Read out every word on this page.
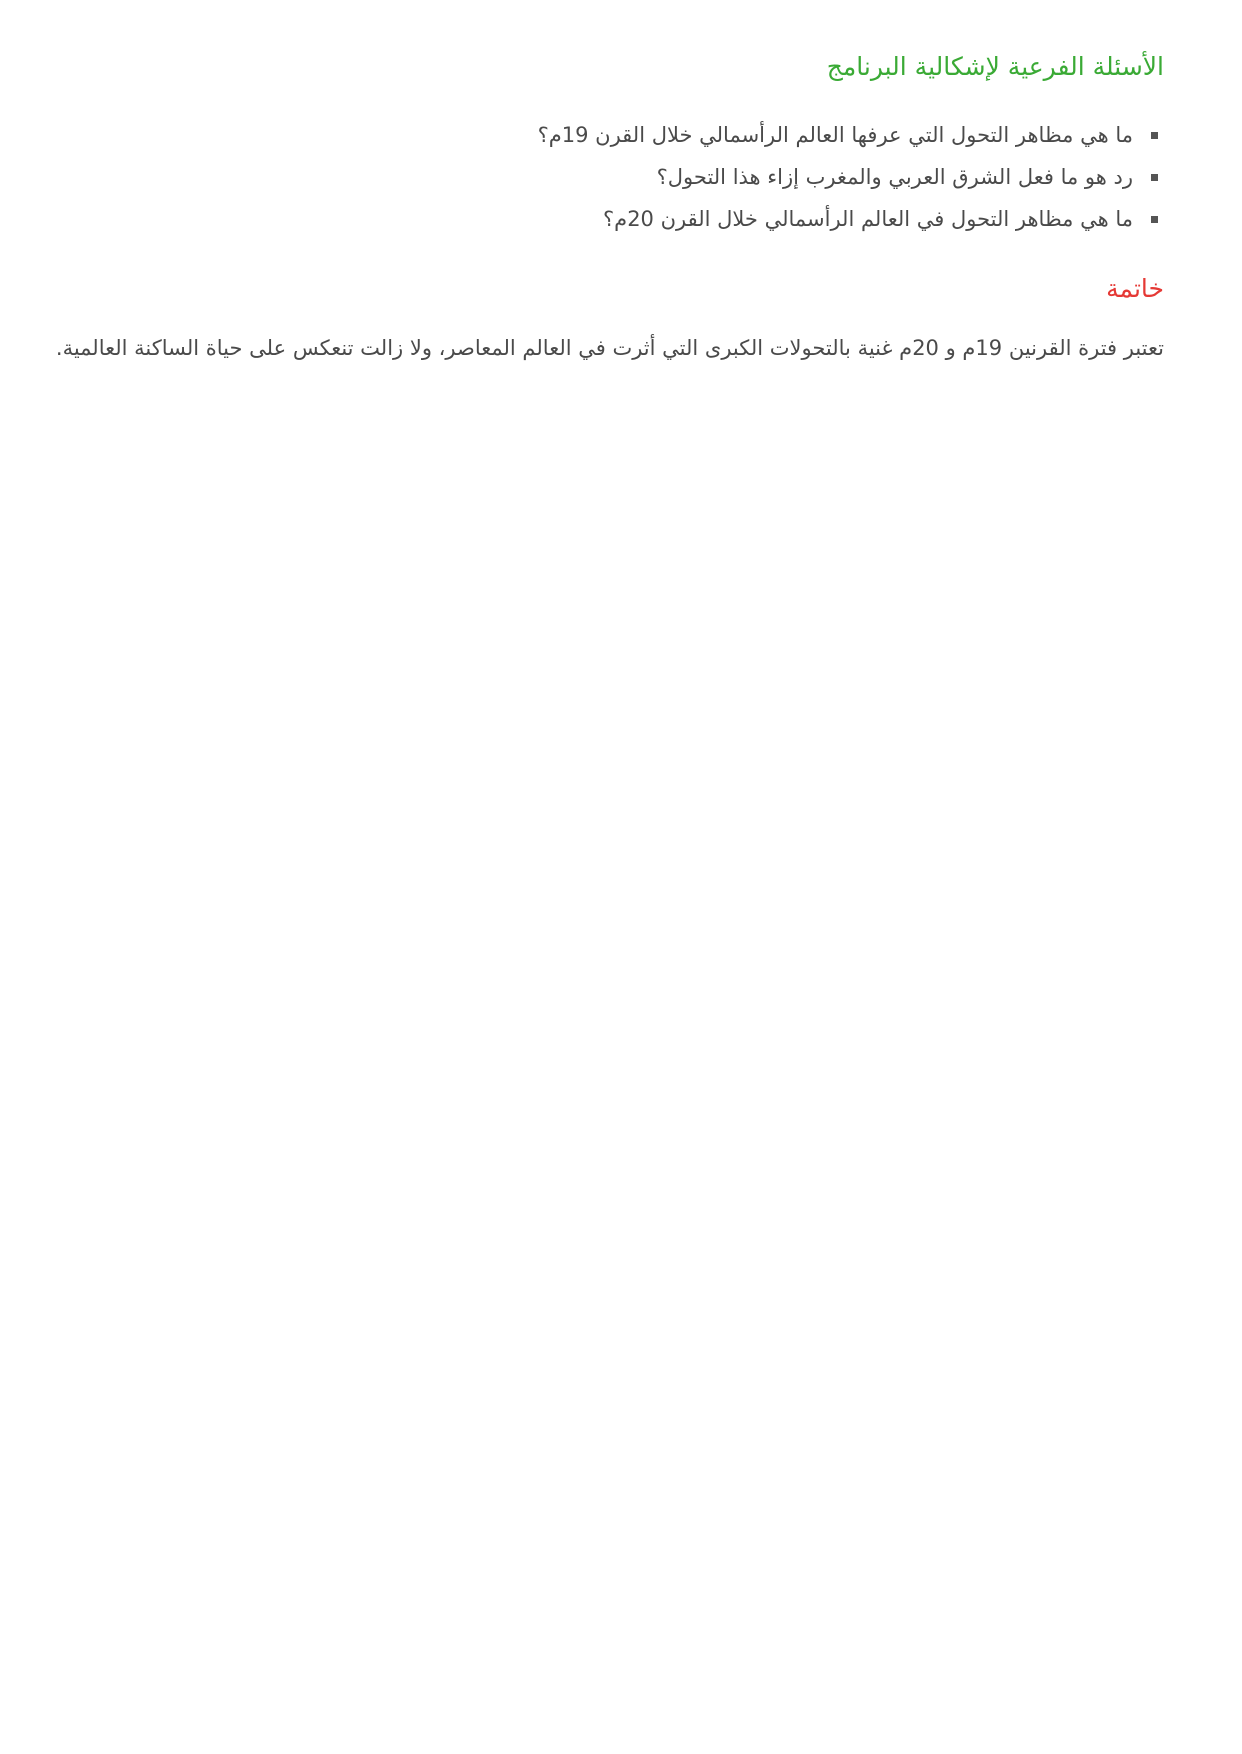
الأسئلة الفرعية لإشكالية البرنامج
ما هي مظاهر التحول التي عرفها العالم الرأسمالي خلال القرن 19م؟
رد هو ما فعل الشرق العربي والمغرب إزاء هذا التحول؟
ما هي مظاهر التحول في العالم الرأسمالي خلال القرن 20م؟
خاتمة

تعتبر فترة القرنين 19م و 20م غنية بالتحولات الكبرى التي أثرت في العالم المعاصر، ولا زالت تنعكس على حياة الساكنة العالمية.
